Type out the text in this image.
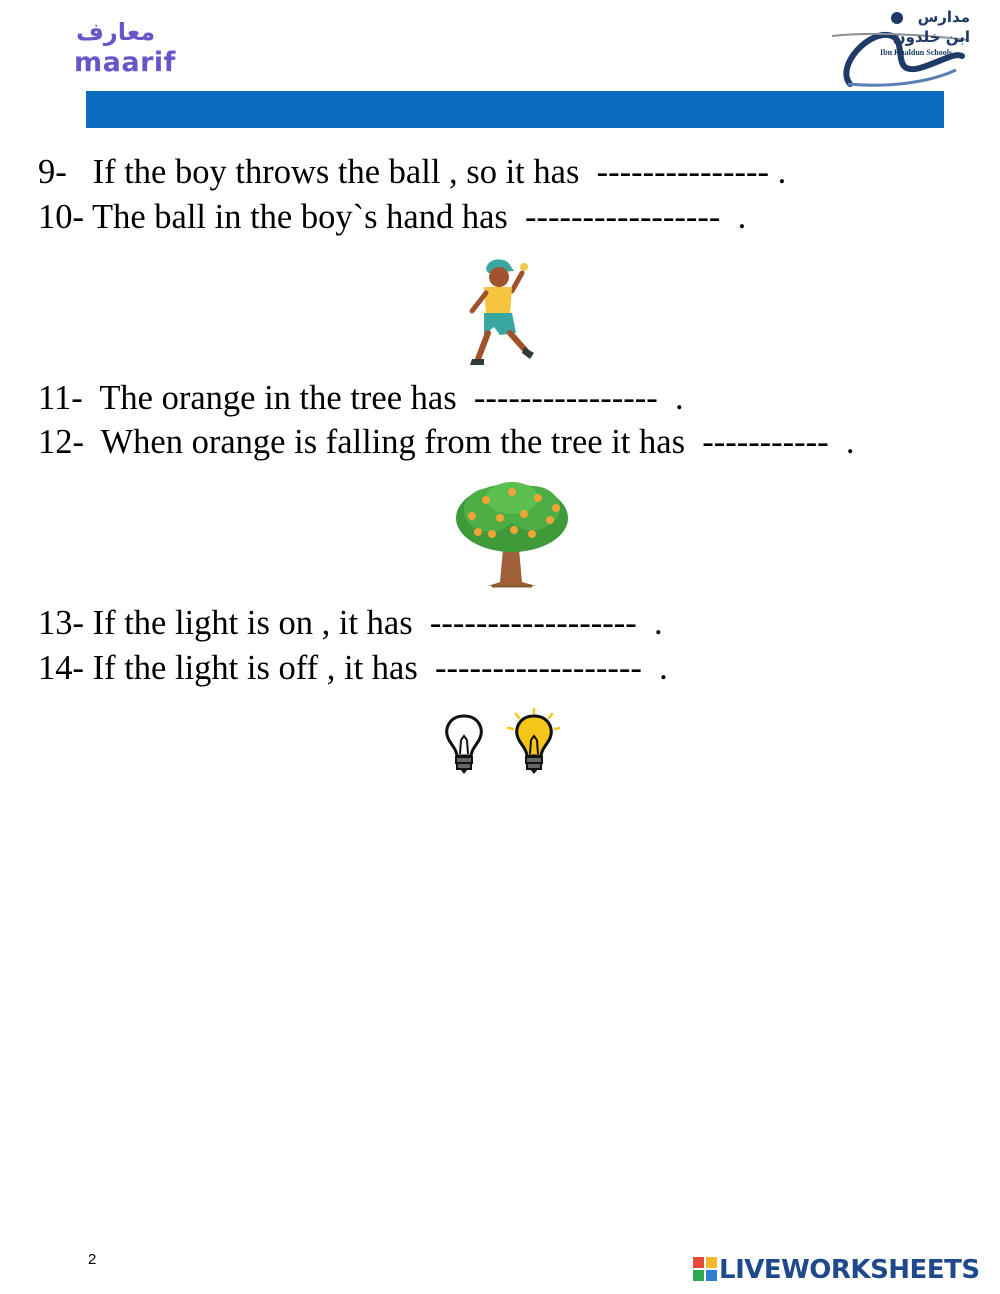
معارف
maarif
مدارس
ابن خلدون
Ibn Khaldun Schools
9-   If the boy throws the ball , so it has  --------------- .
10- The ball in the boy`s hand has  -----------------  .
11-  The orange in the tree has  ----------------  .
12-  When orange is falling from the tree it has  -----------  .
13- If the light is on , it has  ------------------  .
14- If the light is off , it has  ------------------  .
2	LIVEWORKSHEETS
